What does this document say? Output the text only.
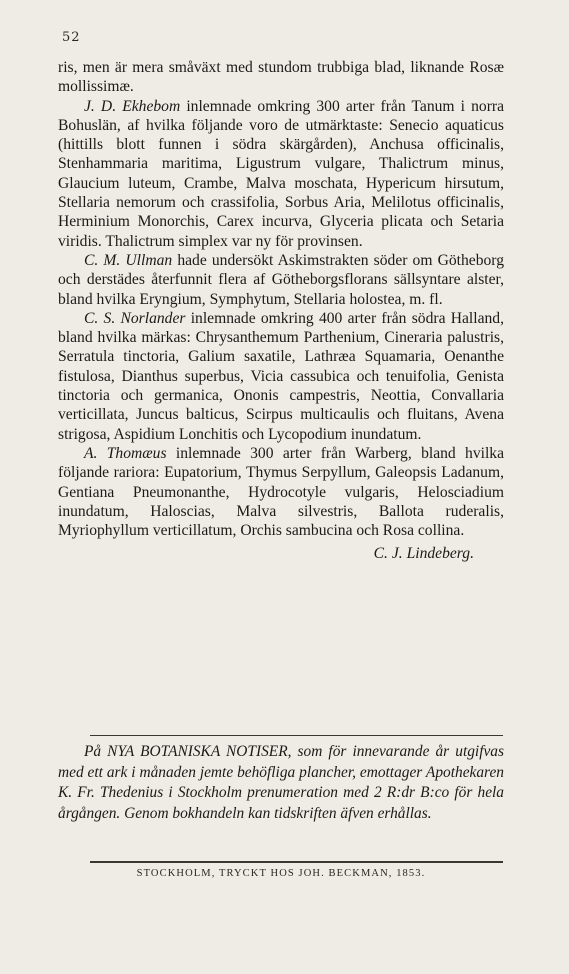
52

ris, men är mera småväxt med stundom trubbiga blad, liknande Rosæ mollissimæ.

J. D. Ekhebom inlemnade omkring 300 arter från Tanum i norra Bohuslän, af hvilka följande voro de utmärktaste: Senecio aquaticus (hittills blott funnen i södra skärgården), Anchusa officinalis, Stenhammaria maritima, Ligustrum vulgare, Thalictrum minus, Glaucium luteum, Crambe, Malva moschata, Hypericum hirsutum, Stellaria nemorum och crassifolia, Sorbus Aria, Melilotus officinalis, Herminium Monorchis, Carex incurva, Glyceria plicata och Setaria viridis. Thalictrum simplex var ny för provinsen.

C. M. Ullman hade undersökt Askimstrakten söder om Götheborg och derstädes återfunnit flera af Götheborgsflorans sällsyntare alster, bland hvilka Eryngium, Symphytum, Stellaria holostea, m. fl.

C. S. Norlander inlemnade omkring 400 arter från södra Halland, bland hvilka märkas: Chrysanthemum Parthenium, Cineraria palustris, Serratula tinctoria, Galium saxatile, Lathræa Squamaria, Oenanthe fistulosa, Dianthus superbus, Vicia cassubica och tenuifolia, Genista tinctoria och germanica, Ononis campestris, Neottia, Convallaria verticillata, Juncus balticus, Scirpus multicaulis och fluitans, Avena strigosa, Aspidium Lonchitis och Lycopodium inundatum.

A. Thomæus inlemnade 300 arter från Warberg, bland hvilka följande rariora: Eupatorium, Thymus Serpyllum, Galeopsis Ladanum, Gentiana Pneumonanthe, Hydrocotyle vulgaris, Helosciadium inundatum, Haloscias, Malva silvestris, Ballota ruderalis, Myriophyllum verticillatum, Orchis sambucina och Rosa collina.

C. J. Lindeberg.

På NYA BOTANISKA NOTISER, som för innevarande år utgifvas med ett ark i månaden jemte behöfliga plancher, emottager Apothekaren K. Fr. Thedenius i Stockholm prenumeration med 2 R:dr B:co för hela årgången. Genom bokhandeln kan tidskriften äfven erhållas.

STOCKHOLM, TRYCKT HOS JOH. BECKMAN, 1853.
